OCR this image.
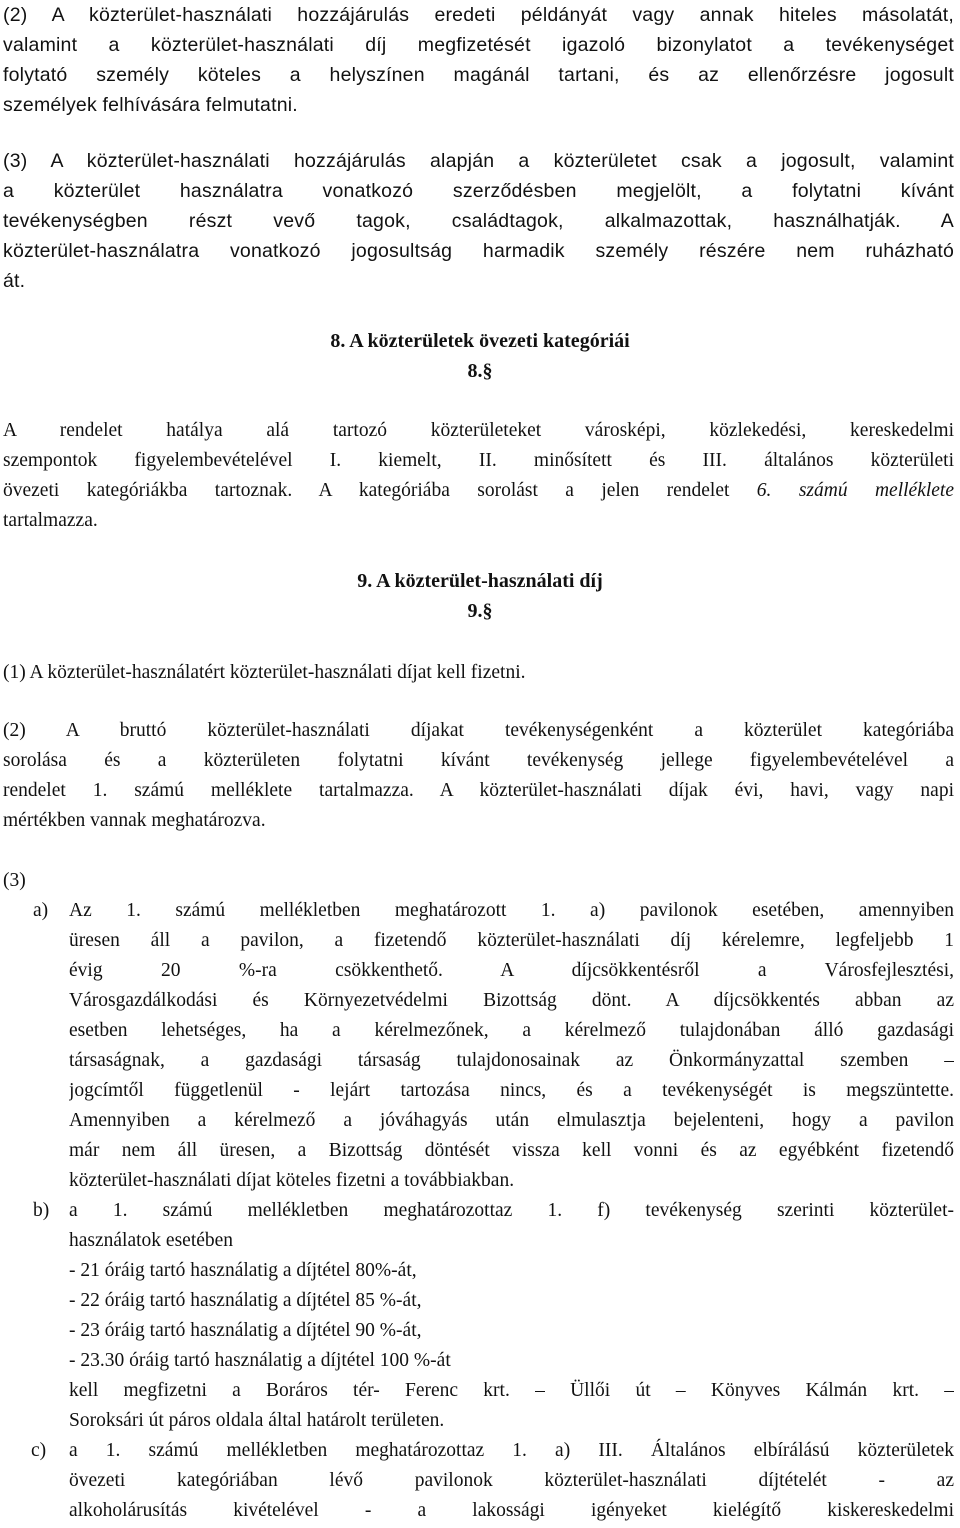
(2) A közterület-használati hozzájárulás eredeti példányát vagy annak hiteles másolatát,
valamint a közterület-használati díj megfizetését igazoló bizonylatot a tevékenységet
folytató személy köteles a helyszínen magánál tartani, és az ellenőrzésre jogosult
személyek felhívására felmutatni.
(3) A közterület-használati hozzájárulás alapján a közterületet csak a jogosult, valamint
a közterület használatra vonatkozó szerződésben megjelölt, a folytatni kívánt
tevékenységben részt vevő tagok, családtagok, alkalmazottak, használhatják. A
közterület-használatra vonatkozó jogosultság harmadik személy részére nem ruházható
át.
8. A közterületek övezeti kategóriái
8.§
A rendelet hatálya alá tartozó közterületeket városképi, közlekedési, kereskedelmi
szempontok figyelembevételével I. kiemelt, II. minősített és III. általános közterületi
övezeti kategóriákba tartoznak. A kategóriába sorolást a jelen rendelet 6. számú melléklete
tartalmazza.
9. A közterület-használati díj
9.§
(1) A közterület-használatért közterület-használati díjat kell fizetni.
(2) A bruttó közterület-használati díjakat tevékenységenként a közterület kategóriába
sorolása és a közterületen folytatni kívánt tevékenység jellege figyelembevételével a
rendelet 1. számú melléklete tartalmazza. A közterület-használati díjak évi, havi, vagy napi
mértékben vannak meghatározva.
(3)
a) Az 1. számú mellékletben meghatározott 1. a) pavilonok esetében, amennyiben
üresen áll a pavilon, a fizetendő közterület-használati díj kérelemre, legfeljebb 1
évig 20 %-ra csökkenthető. A díjcsökkentésről a Városfejlesztési,
Városgazdálkodási és Környezetvédelmi Bizottság dönt. A díjcsökkentés abban az
esetben lehetséges, ha a kérelmezőnek, a kérelmező tulajdonában álló gazdasági
társaságnak, a gazdasági társaság tulajdonosainak az Önkormányzattal szemben –
jogcímtől függetlenül - lejárt tartozása nincs, és a tevékenységét is megszüntette.
Amennyiben a kérelmező a jóváhagyás után elmulasztja bejelenteni, hogy a pavilon
már nem áll üresen, a Bizottság döntését vissza kell vonni és az egyébként fizetendő
közterület-használati díjat köteles fizetni a továbbiakban.
b) a 1. számú mellékletben meghatározottaz 1. f) tevékenység szerinti közterület-
használatok esetében
- 21 óráig tartó használatig a díjtétel 80%-át,
- 22 óráig tartó használatig a díjtétel 85 %-át,
- 23 óráig tartó használatig a díjtétel 90 %-át,
- 23.30 óráig tartó használatig a díjtétel 100 %-át
kell megfizetni a Boráros tér- Ferenc krt. – Üllői út – Könyves Kálmán krt. –
Soroksári út páros oldala által határolt területen.
c) a 1. számú mellékletben meghatározottaz 1. a) III. Általános elbírálású közterületek
övezeti kategóriában lévő pavilonok közterület-használati díjtételét - az
alkoholárusítás kivételével - a lakossági igényeket kielégítő kiskereskedelmi
